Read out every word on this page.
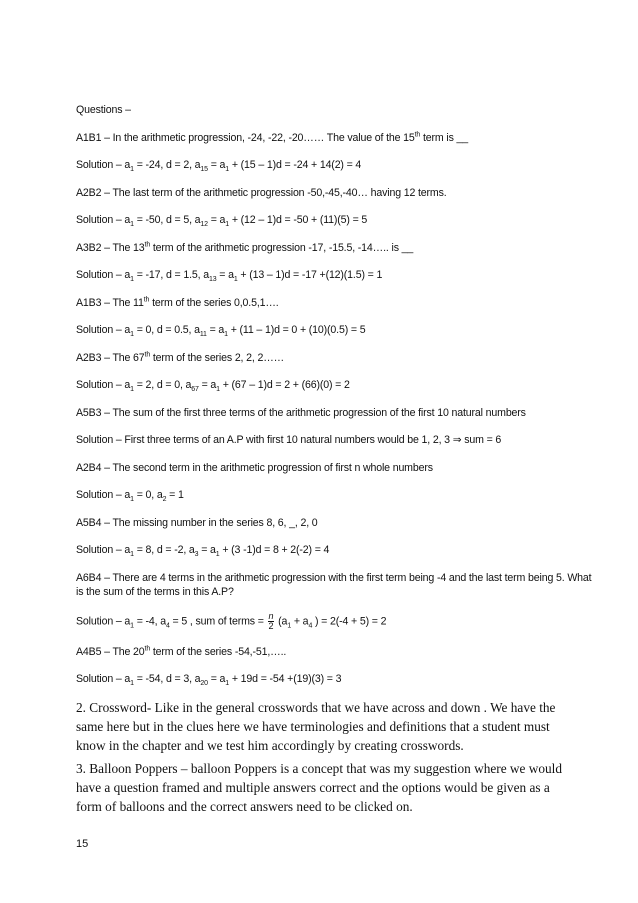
Questions –
A1B1 – In the arithmetic progression, -24, -22, -20…… The value of the 15th term is __
Solution – $a_1 = -24$, d = 2, $a_{15} = a_1 + (15 - 1)d = -24 + 14(2) = 4$
A2B2 – The last term of the arithmetic progression -50,-45,-40… having 12 terms.
Solution – $a_1 = -50$, d = 5, $a_{12} = a_1 + (12 - 1)d = -50 + (11)(5) = 5$
A3B2 – The 13th term of the arithmetic progression -17, -15.5, -14….. is __
Solution – $a_1 = -17$, d = 1.5, $a_{13} = a_1 + (13 - 1)d = -17 +(12)(1.5) = 1$
A1B3 – The 11th term of the series 0,0.5,1….
Solution – $a_1 = 0$, d = 0.5, $a_{11} = a_1 + (11 - 1)d = 0 + (10)(0.5) = 5$
A2B3 – The 67th term of the series 2, 2, 2……
Solution – $a_1 = 2$, d = 0, $a_{67} = a_1 + (67 - 1)d = 2 + (66)(0) = 2$
A5B3 – The sum of the first three terms of the arithmetic progression of the first 10 natural numbers
Solution – First three terms of an A.P with first 10 natural numbers would be 1, 2, 3 ⇒ sum = 6
A2B4 – The second term in the arithmetic progression of first n whole numbers
Solution – $a_1 = 0$, $a_2 = 1$
A5B4 – The missing number in the series 8, 6, _, 2, 0
Solution – $a_1 = 8$, d = -2, $a_3 = a_1 + (3$ -1)d = 8 + 2(-2) = 4
A6B4 – There are 4 terms in the arithmetic progression with the first term being -4 and the last term being 5. What is the sum of the terms in this A.P?
Solution – $a_1 = -4$, $a_4 = 5$ , sum of terms = $\frac{n}{2} (a_1 + a_4$ ) = 2(-4 + 5) = 2
A4B5 – The 20th term of the series -54,-51,…..
Solution – $a_1 = -54$, d = 3, $a_{20} = a_1 + 19d = -54 +(19)(3) = 3$
2. Crossword- Like in the general crosswords that we have across and down . We have the same here but in the clues here we have terminologies and definitions that a student must know in the chapter and we test him accordingly by creating crosswords.
3. Balloon Poppers – balloon Poppers is a concept that was my suggestion where we would have a question framed and multiple answers correct and the options would be given as a form of balloons and the correct answers need to be clicked on.
15
